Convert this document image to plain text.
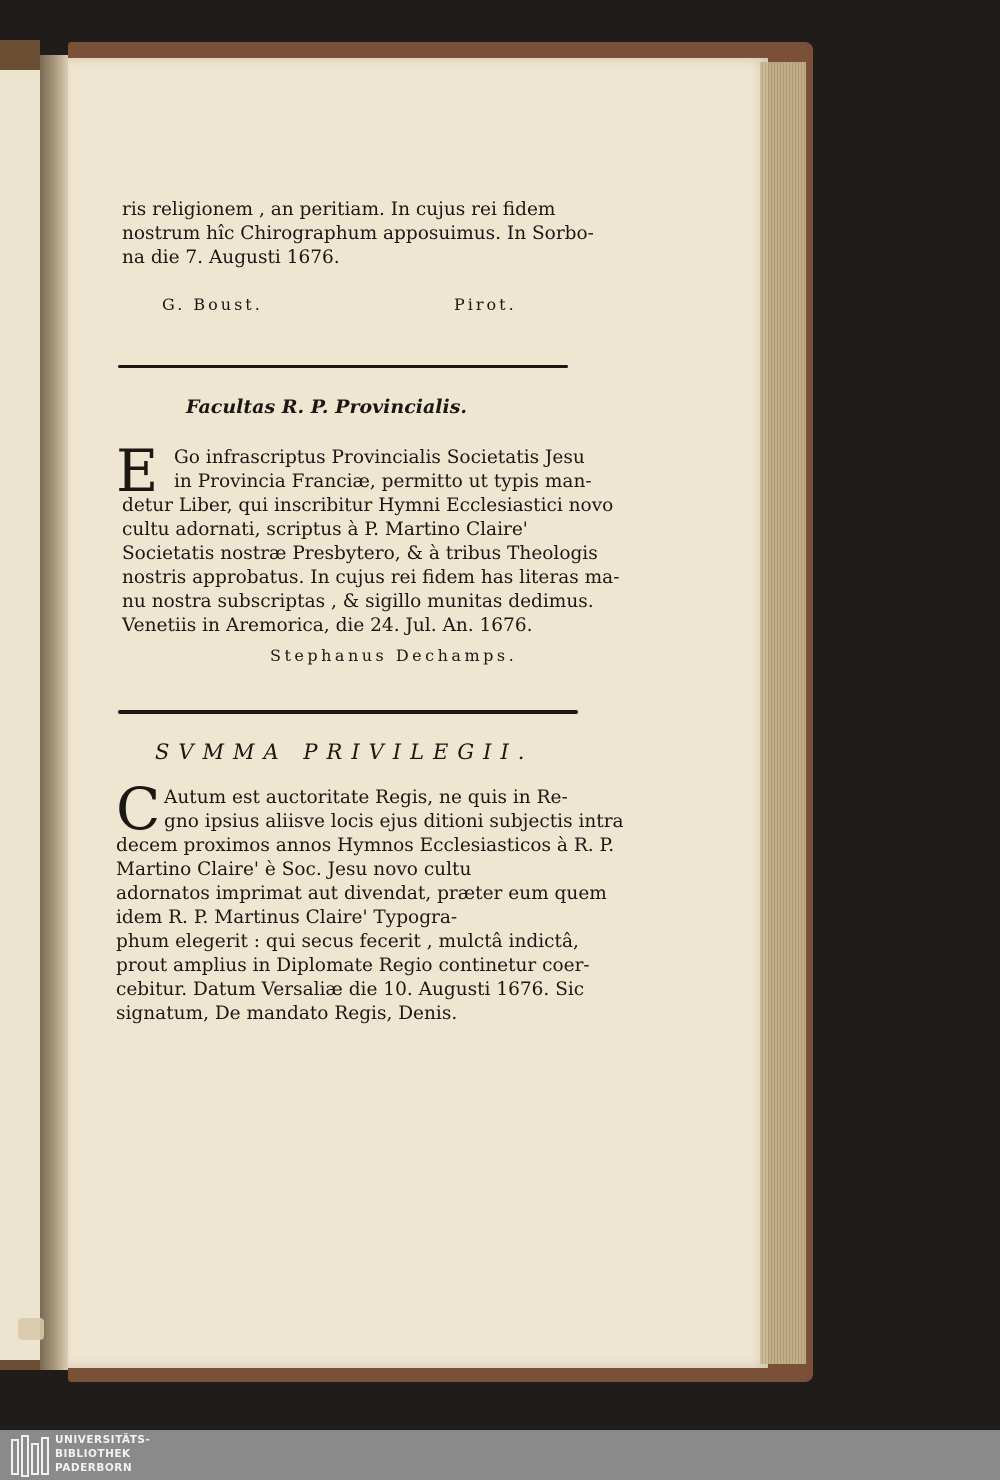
ris religionem , an peritiam. In cujus rei fidem
nostrum hîc Chirographum apposuimus. In Sorbo-
na die 7. Augusti 1676.
G. Boust.	Pirot.
Facultas R. P. Provincialis.
E Go infrascriptus Provincialis Societatis Jesu
in Provincia Franciæ, permitto ut typis man-
detur Liber, qui inscribitur Hymni Ecclesiastici novo
cultu adornati, scriptus à P. Martino Claire'
Societatis nostræ Presbytero, & à tribus Theologis
nostris approbatus. In cujus rei fidem has literas ma-
nu nostra subscriptas , & sigillo munitas dedimus.
Venetiis in Aremorica, die 24. Jul. An. 1676.
Stephanus Dechamps.
SVMMA PRIVILEGII.
C Autum est auctoritate Regis, ne quis in Re-
gno ipsius aliisve locis ejus ditioni subjectis intra
decem proximos annos Hymnos Ecclesiasticos à R. P.
Martino Claire' è Soc. Jesu novo cultu
adornatos imprimat aut divendat, præter eum quem
idem R. P. Martinus Claire' Typogra-
phum elegerit : qui secus fecerit , mulctâ indictâ,
prout amplius in Diplomate Regio continetur coer-
cebitur. Datum Versaliæ die 10. Augusti 1676. Sic
signatum, De mandato Regis, Denis.
UNIVERSITÄTS-
BIBLIOTHEK
PADERBORN
